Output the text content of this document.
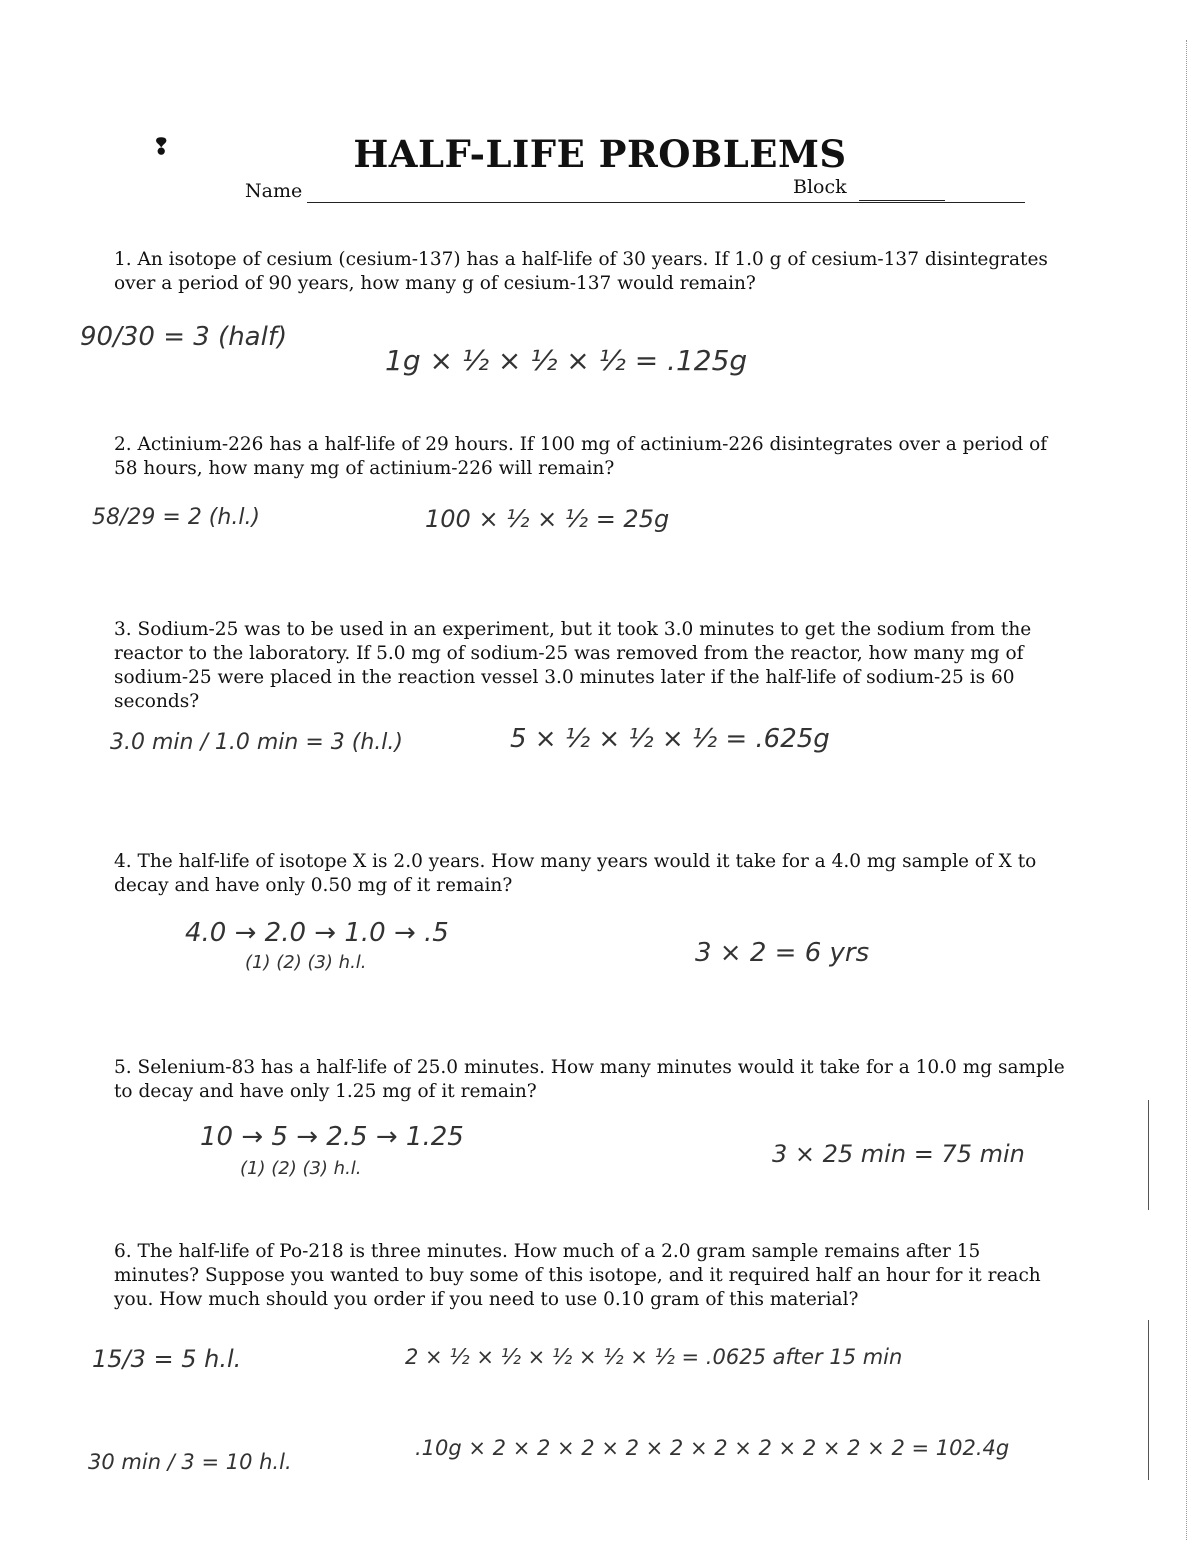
❢	HALF-LIFE PROBLEMS
Name	Block

1. An isotope of cesium (cesium-137) has a half-life of 30 years. If 1.0 g of cesium-137 disintegrates over a period of 90 years, how many g of cesium-137 would remain?

90/30 = 3 (half)

1g × ½ × ½ × ½ = .125g

2. Actinium-226 has a half-life of 29 hours. If 100 mg of actinium-226 disintegrates over a period of 58 hours, how many mg of actinium-226 will remain?

58/29 = 2 (h.l.)	100 × ½ × ½ = 25g

3. Sodium-25 was to be used in an experiment, but it took 3.0 minutes to get the sodium from the reactor to the laboratory. If 5.0 mg of sodium-25 was removed from the reactor, how many mg of sodium-25 were placed in the reaction vessel 3.0 minutes later if the half-life of sodium-25 is 60 seconds?

3.0 min / 1.0 min = 3 (h.l.)	5 × ½ × ½ × ½ = .625g

4. The half-life of isotope X is 2.0 years. How many years would it take for a 4.0 mg sample of X to decay and have only 0.50 mg of it remain?

4.0 → 2.0 → 1.0 → .5

(1) (2) (3) h.l.	3 × 2 = 6 yrs

5. Selenium-83 has a half-life of 25.0 minutes. How many minutes would it take for a 10.0 mg sample to decay and have only 1.25 mg of it remain?

10 → 5 → 2.5 → 1.25

(1) (2) (3) h.l.

3 × 25 min = 75 min

6. The half-life of Po-218 is three minutes. How much of a 2.0 gram sample remains after 15 minutes? Suppose you wanted to buy some of this isotope, and it required half an hour for it reach you. How much should you order if you need to use 0.10 gram of this material?

15/3 = 5 h.l.	2 × ½ × ½ × ½ × ½ × ½ = .0625 after 15 min

30 min / 3 = 10 h.l.

.10g × 2 × 2 × 2 × 2 × 2 × 2 × 2 × 2 × 2 × 2 = 102.4g
